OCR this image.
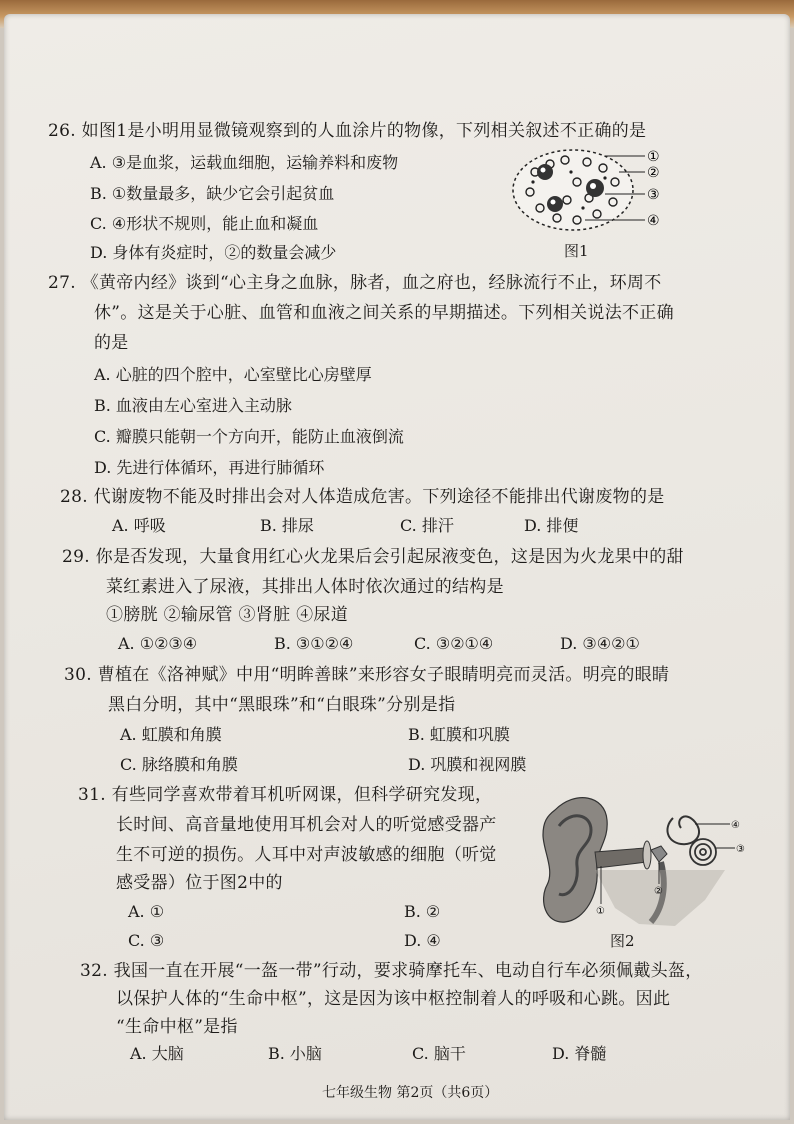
26. 如图1是小明用显微镜观察到的人血涂片的物像，下列相关叙述不正确的是
A. ③是血浆，运载血细胞，运输养料和废物
B. ①数量最多，缺少它会引起贫血
C. ④形状不规则，能止血和凝血
D. 身体有炎症时，②的数量会减少
①
②
③
④
图1
27. 《黄帝内经》谈到“心主身之血脉，脉者，血之府也，经脉流行不止，环周不
休”。这是关于心脏、血管和血液之间关系的早期描述。下列相关说法不正确
的是
A. 心脏的四个腔中，心室壁比心房壁厚
B. 血液由左心室进入主动脉
C. 瓣膜只能朝一个方向开，能防止血液倒流
D. 先进行体循环，再进行肺循环
28. 代谢废物不能及时排出会对人体造成危害。下列途径不能排出代谢废物的是
A. 呼吸	B. 排尿	C. 排汗	D. 排便
29. 你是否发现，大量食用红心火龙果后会引起尿液变色，这是因为火龙果中的甜
菜红素进入了尿液，其排出人体时依次通过的结构是
①膀胱 ②输尿管 ③肾脏 ④尿道
A. ①②③④	B. ③①②④	C. ③②①④	D. ③④②①
30. 曹植在《洛神赋》中用“明眸善睐”来形容女子眼睛明亮而灵活。明亮的眼睛
黑白分明，其中“黑眼珠”和“白眼珠”分别是指
A. 虹膜和角膜	B. 虹膜和巩膜
C. 脉络膜和角膜	D. 巩膜和视网膜
31. 有些同学喜欢带着耳机听网课，但科学研究发现，
长时间、高音量地使用耳机会对人的听觉感受器产
生不可逆的损伤。人耳中对声波敏感的细胞（听觉
感受器）位于图2中的
A. ①	B. ②
C. ③	D. ④
④
③
②
①
图2
32. 我国一直在开展“一盔一带”行动，要求骑摩托车、电动自行车必须佩戴头盔，
以保护人体的“生命中枢”，这是因为该中枢控制着人的呼吸和心跳。因此
“生命中枢”是指
A. 大脑	B. 小脑	C. 脑干	D. 脊髓
七年级生物 第2页（共6页）
